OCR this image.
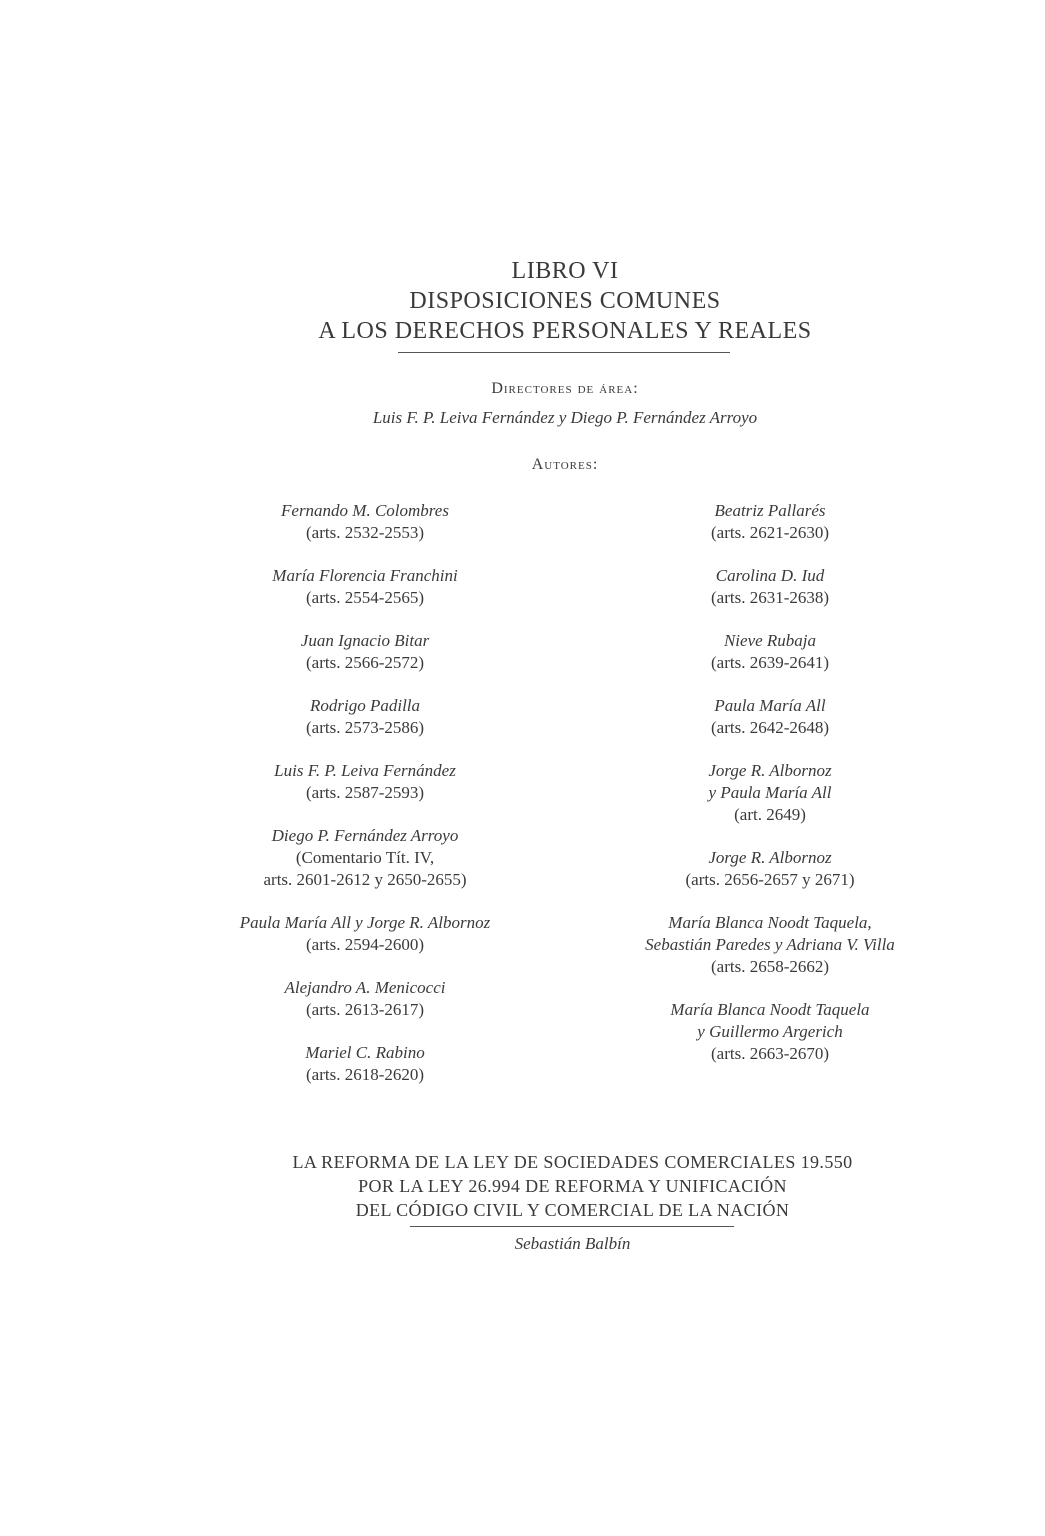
LIBRO VI
DISPOSICIONES COMUNES
A LOS DERECHOS PERSONALES Y REALES
Directores de área:
Luis F. P. Leiva Fernández y Diego P. Fernández Arroyo
Autores:
Fernando M. Colombres
(arts. 2532-2553)
María Florencia Franchini
(arts. 2554-2565)
Juan Ignacio Bitar
(arts. 2566-2572)
Rodrigo Padilla
(arts. 2573-2586)
Luis F. P. Leiva Fernández
(arts. 2587-2593)
Diego P. Fernández Arroyo
(Comentario Tít. IV,
arts. 2601-2612 y 2650-2655)
Paula María All y Jorge R. Albornoz
(arts. 2594-2600)
Alejandro A. Menicocci
(arts. 2613-2617)
Mariel C. Rabino
(arts. 2618-2620)
Beatriz Pallarés
(arts. 2621-2630)
Carolina D. Iud
(arts. 2631-2638)
Nieve Rubaja
(arts. 2639-2641)
Paula María All
(arts. 2642-2648)
Jorge R. Albornoz
y Paula María All
(art. 2649)
Jorge R. Albornoz
(arts. 2656-2657 y 2671)
María Blanca Noodt Taquela,
Sebastián Paredes y Adriana V. Villa
(arts. 2658-2662)
María Blanca Noodt Taquela
y Guillermo Argerich
(arts. 2663-2670)
LA REFORMA DE LA LEY DE SOCIEDADES COMERCIALES 19.550
POR LA LEY 26.994 DE REFORMA Y UNIFICACIÓN
DEL CÓDIGO CIVIL Y COMERCIAL DE LA NACIÓN
Sebastián Balbín
